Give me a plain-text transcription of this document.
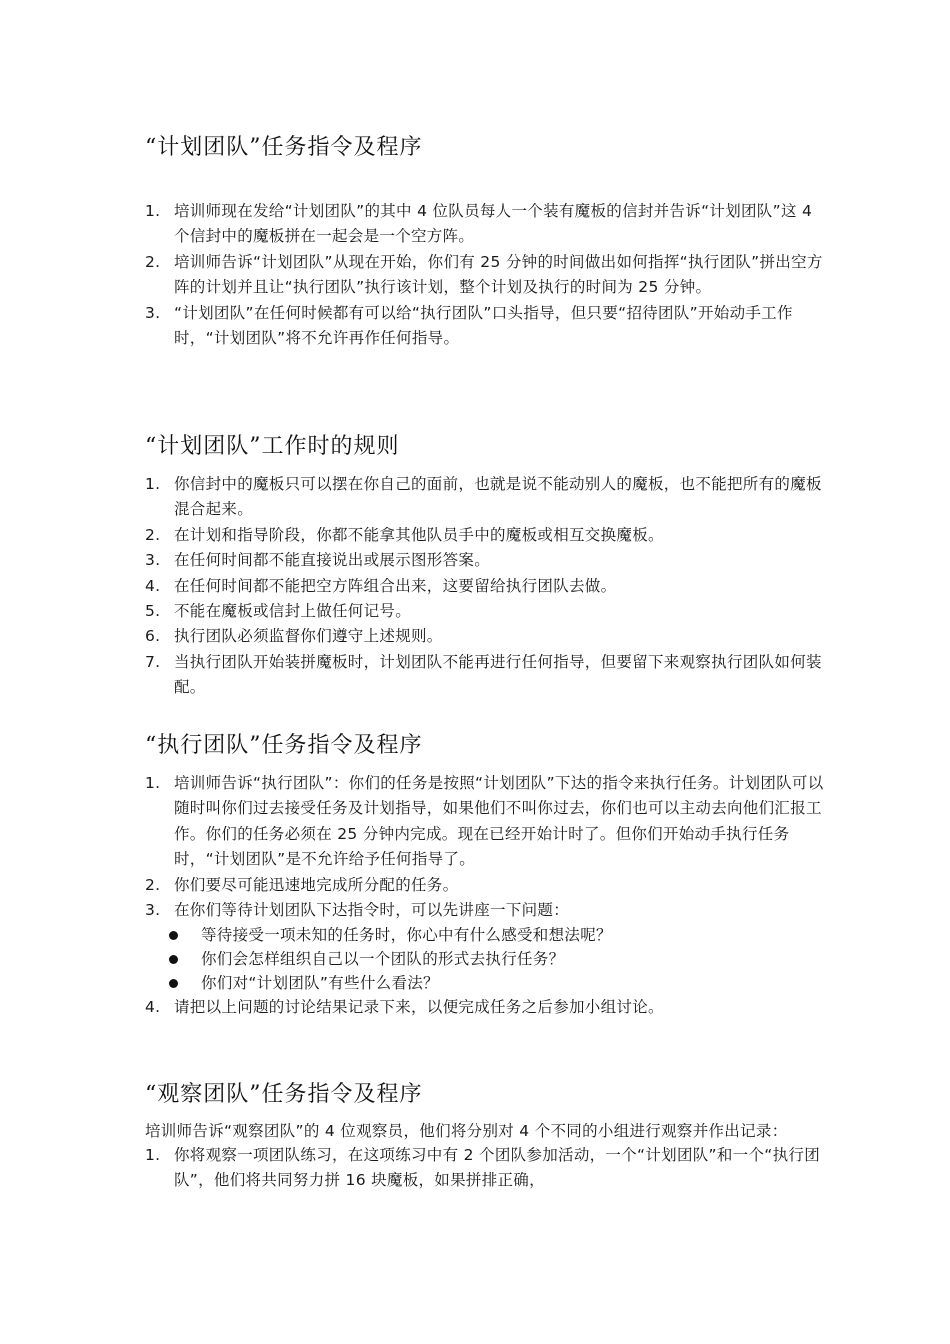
“计划团队”任务指令及程序
1. 培训师现在发给“计划团队”的其中 4 位队员每人一个装有魔板的信封并告诉“计划团队”这 4 个信封中的魔板拼在一起会是一个空方阵。
2. 培训师告诉“计划团队”从现在开始，你们有 25 分钟的时间做出如何指挥“执行团队”拼出空方阵的计划并且让“执行团队”执行该计划，整个计划及执行的时间为 25 分钟。
3. “计划团队”在任何时候都有可以给“执行团队”口头指导，但只要“招待团队”开始动手工作时，“计划团队”将不允许再作任何指导。
“计划团队”工作时的规则
1. 你信封中的魔板只可以摆在你自己的面前，也就是说不能动别人的魔板，也不能把所有的魔板混合起来。
2. 在计划和指导阶段，你都不能拿其他队员手中的魔板或相互交换魔板。
3. 在任何时间都不能直接说出或展示图形答案。
4. 在任何时间都不能把空方阵组合出来，这要留给执行团队去做。
5. 不能在魔板或信封上做任何记号。
6. 执行团队必须监督你们遵守上述规则。
7. 当执行团队开始装拼魔板时，计划团队不能再进行任何指导，但要留下来观察执行团队如何装配。
“执行团队”任务指令及程序
1. 培训师告诉“执行团队”：你们的任务是按照“计划团队”下达的指令来执行任务。计划团队可以随时叫你们过去接受任务及计划指导，如果他们不叫你过去，你们也可以主动去向他们汇报工作。你们的任务必须在 25 分钟内完成。现在已经开始计时了。但你们开始动手执行任务时，“计划团队”是不允许给予任何指导了。
2. 你们要尽可能迅速地完成所分配的任务。
3. 在你们等待计划团队下达指令时，可以先讲座一下问题：
等待接受一项未知的任务时，你心中有什么感受和想法呢？
你们会怎样组织自己以一个团队的形式去执行任务？
你们对“计划团队”有些什么看法？
4. 请把以上问题的讨论结果记录下来，以便完成任务之后参加小组讨论。
“观察团队”任务指令及程序

培训师告诉“观察团队”的 4 位观察员，他们将分别对 4 个不同的小组进行观察并作出记录：

1. 你将观察一项团队练习，在这项练习中有 2 个团队参加活动，一个“计划团队”和一个“执行团队”，他们将共同努力拼 16 块魔板，如果拼排正确，
